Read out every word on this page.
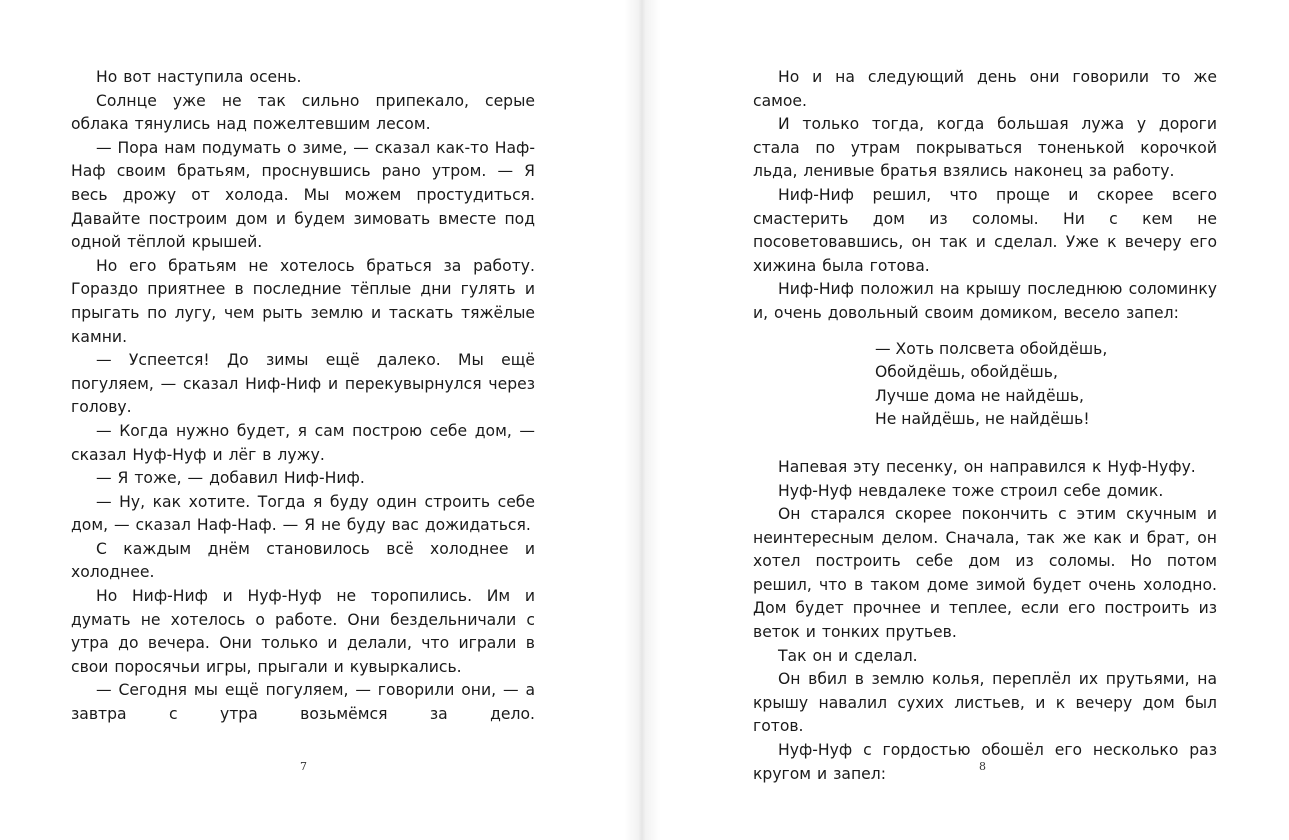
Но вот наступила осень.

Солнце уже не так сильно припекало, серые облака тянулись над пожелтевшим лесом.

— Пора нам подумать о зиме, — сказал как-то Наф-Наф своим братьям, проснувшись рано утром. — Я весь дрожу от холода. Мы можем простудиться. Давайте построим дом и будем зимовать вместе под одной тёплой крышей.

Но его братьям не хотелось браться за работу. Гораздо приятнее в последние тёплые дни гулять и прыгать по лугу, чем рыть землю и таскать тяжёлые камни.

— Успеется! До зимы ещё далеко. Мы ещё погуляем, — сказал Ниф-Ниф и перекувырнулся через голову.

— Когда нужно будет, я сам построю себе дом, — сказал Нуф-Нуф и лёг в лужу.

— Я тоже, — добавил Ниф-Ниф.

— Ну, как хотите. Тогда я буду один строить себе дом, — сказал Наф-Наф. — Я не буду вас дожидаться.

С каждым днём становилось всё холоднее и холоднее.

Но Ниф-Ниф и Нуф-Нуф не торопились. Им и думать не хотелось о работе. Они бездельничали с утра до вечера. Они только и делали, что играли в свои поросячьи игры, прыгали и кувыркались.

— Сегодня мы ещё погуляем, — говорили они, — а завтра с утра возьмёмся за дело.

7

Но и на следующий день они говорили то же самое.

И только тогда, когда большая лужа у дороги стала по утрам покрываться тоненькой корочкой льда, ленивые братья взялись наконец за работу.

Ниф-Ниф решил, что проще и скорее всего смастерить дом из соломы. Ни с кем не посоветовавшись, он так и сделал. Уже к вечеру его хижина была готова.

Ниф-Ниф положил на крышу последнюю соломинку и, очень довольный своим домиком, весело запел:

— Хоть полсвета обойдёшь,
Обойдёшь, обойдёшь,
Лучше дома не найдёшь,
Не найдёшь, не найдёшь!

Напевая эту песенку, он направился к Нуф-Нуфу.

Нуф-Нуф невдалеке тоже строил себе домик.

Он старался скорее покончить с этим скучным и неинтересным делом. Сначала, так же как и брат, он хотел построить себе дом из соломы. Но потом решил, что в таком доме зимой будет очень холодно. Дом будет прочнее и теплее, если его построить из веток и тонких прутьев.

Так он и сделал.

Он вбил в землю колья, переплёл их прутьями, на крышу навалил сухих листьев, и к вечеру дом был готов.

Нуф-Нуф с гордостью обошёл его несколько раз кругом и запел:	8
